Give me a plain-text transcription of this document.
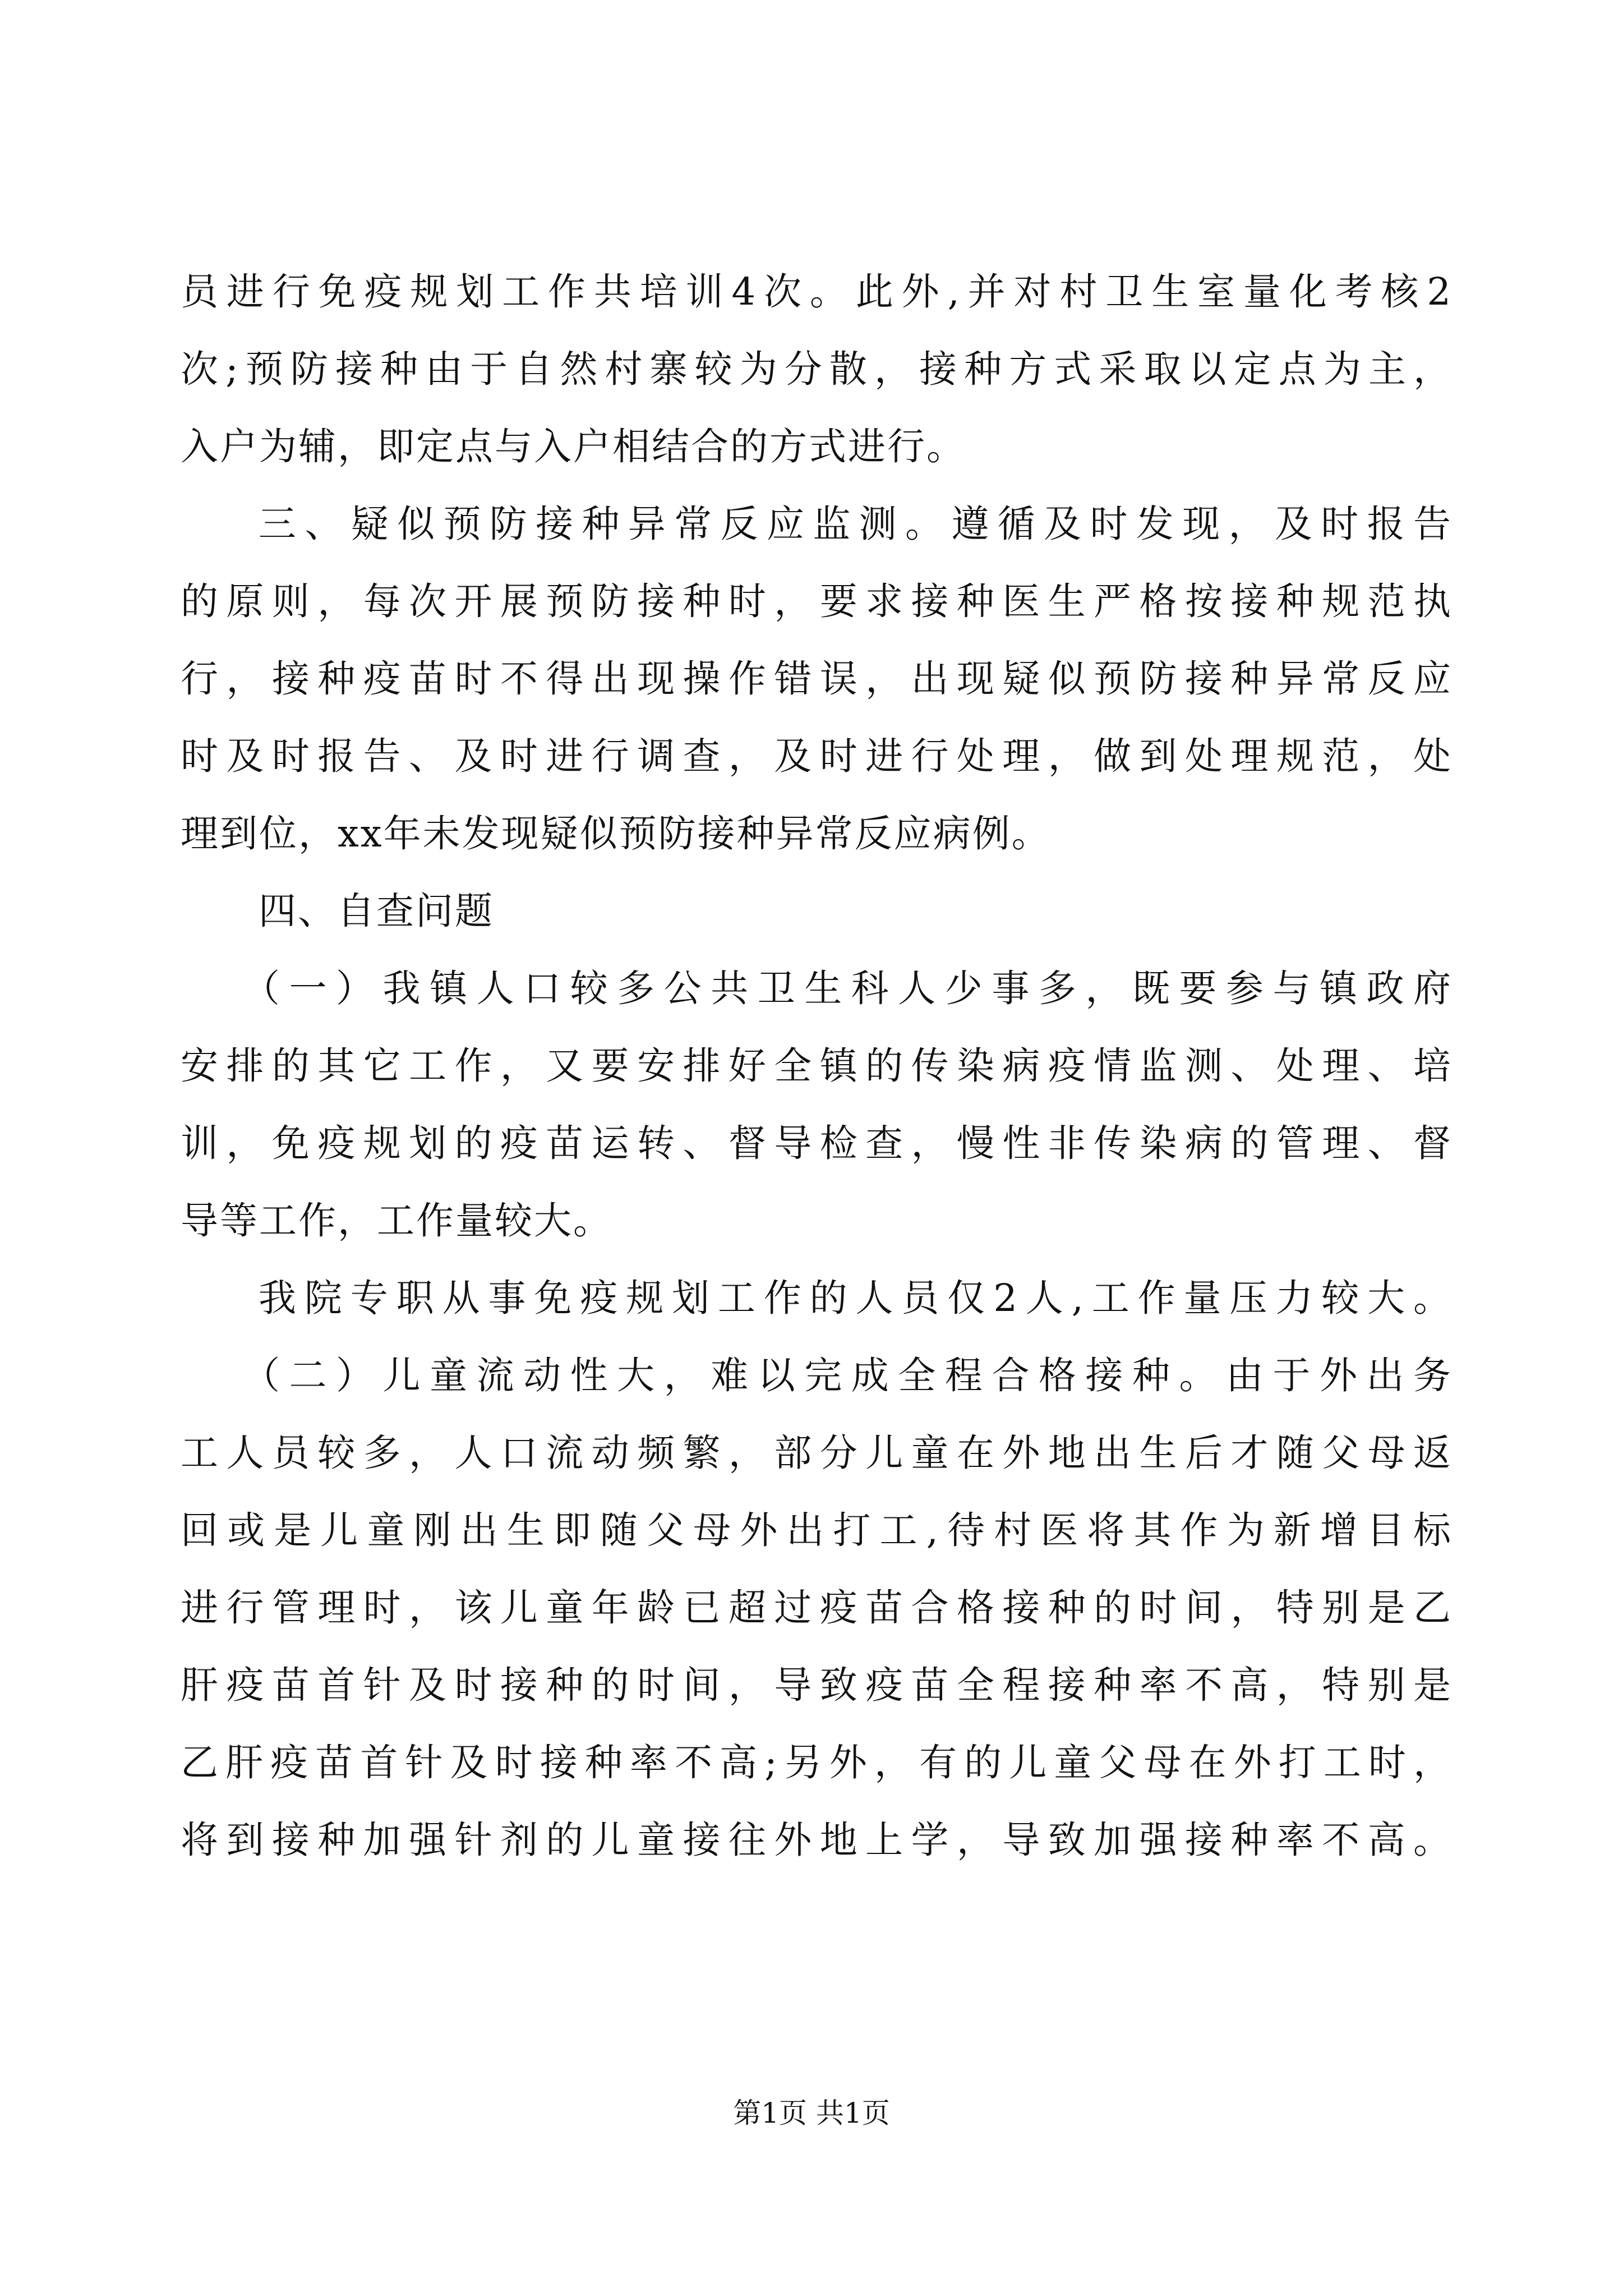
员进行免疫规划工作共培训4次。此外,并对村卫生室量化考核2
次;预防接种由于自然村寨较为分散，接种方式采取以定点为主，
入户为辅，即定点与入户相结合的方式进行。
三、疑似预防接种异常反应监测。遵循及时发现，及时报告
的原则，每次开展预防接种时，要求接种医生严格按接种规范执
行，接种疫苗时不得出现操作错误，出现疑似预防接种异常反应
时及时报告、及时进行调查，及时进行处理，做到处理规范，处
理到位，xx年未发现疑似预防接种异常反应病例。
四、自查问题
（一）我镇人口较多公共卫生科人少事多，既要参与镇政府
安排的其它工作，又要安排好全镇的传染病疫情监测、处理、培
训，免疫规划的疫苗运转、督导检查，慢性非传染病的管理、督
导等工作，工作量较大。
我院专职从事免疫规划工作的人员仅2人,工作量压力较大。
（二）儿童流动性大，难以完成全程合格接种。由于外出务
工人员较多，人口流动频繁，部分儿童在外地出生后才随父母返
回或是儿童刚出生即随父母外出打工,待村医将其作为新增目标
进行管理时，该儿童年龄已超过疫苗合格接种的时间，特别是乙
肝疫苗首针及时接种的时间，导致疫苗全程接种率不高，特别是
乙肝疫苗首针及时接种率不高;另外，有的儿童父母在外打工时，
将到接种加强针剂的儿童接往外地上学，导致加强接种率不高。
第1页 共1页
